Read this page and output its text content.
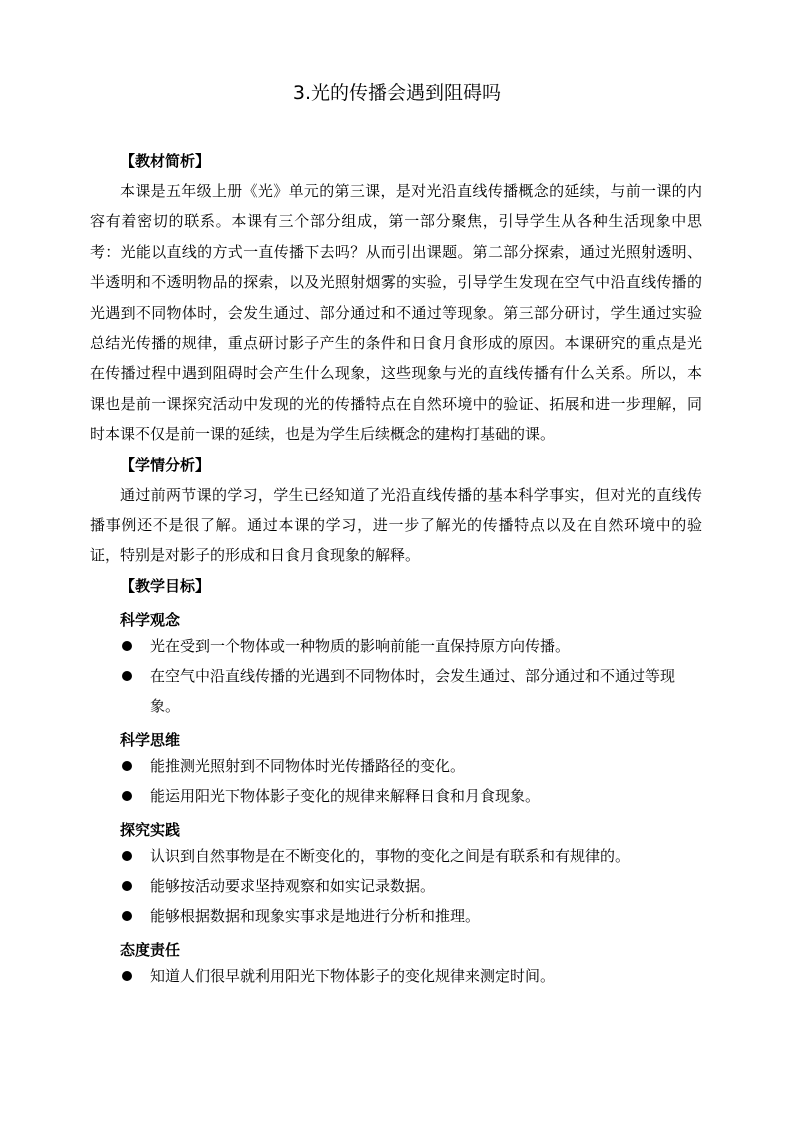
3.光的传播会遇到阻碍吗
【教材简析】

本课是五年级上册《光》单元的第三课，是对光沿直线传播概念的延续，与前一课的内容有着密切的联系。本课有三个部分组成，第一部分聚焦，引导学生从各种生活现象中思考：光能以直线的方式一直传播下去吗？从而引出课题。第二部分探索，通过光照射透明、半透明和不透明物品的探索，以及光照射烟雾的实验，引导学生发现在空气中沿直线传播的光遇到不同物体时，会发生通过、部分通过和不通过等现象。第三部分研讨，学生通过实验总结光传播的规律，重点研讨影子产生的条件和日食月食形成的原因。本课研究的重点是光在传播过程中遇到阻碍时会产生什么现象，这些现象与光的直线传播有什么关系。所以，本课也是前一课探究活动中发现的光的传播特点在自然环境中的验证、拓展和进一步理解，同时本课不仅是前一课的延续，也是为学生后续概念的建构打基础的课。

【学情分析】

通过前两节课的学习，学生已经知道了光沿直线传播的基本科学事实，但对光的直线传播事例还不是很了解。通过本课的学习，进一步了解光的传播特点以及在自然环境中的验证，特别是对影子的形成和日食月食现象的解释。

【教学目标】
科学观念
光在受到一个物体或一种物质的影响前能一直保持原方向传播。
在空气中沿直线传播的光遇到不同物体时，会发生通过、部分通过和不通过等现象。
科学思维
能推测光照射到不同物体时光传播路径的变化。
能运用阳光下物体影子变化的规律来解释日食和月食现象。
探究实践
认识到自然事物是在不断变化的，事物的变化之间是有联系和有规律的。
能够按活动要求坚持观察和如实记录数据。
能够根据数据和现象实事求是地进行分析和推理。
态度责任
知道人们很早就利用阳光下物体影子的变化规律来测定时间。
